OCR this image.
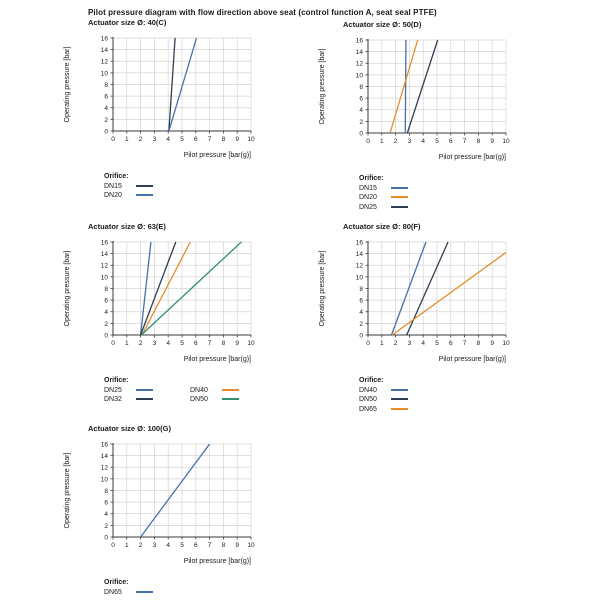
Pilot pressure diagram with flow direction above seat (control function A, seat seal PTFE)
Actuator size Ø: 40(C)
0 1 2 3 4 5 6 7 8 9 10
0
2
4
6
8
10
12
14
16
Pilot pressure [bar(g)]
Operating pressure [bar]
Orifice:
DN15
DN20
Actuator size Ø: 50(D)
0 1 2 3 4 5 6 7 8 9 10
0
2
4
6
8
10
12
14
16
Pilot pressure [bar(g)]
Operating pressure [bar]
Orifice:
DN15
DN20
DN25
Actuator size Ø: 63(E)
0 1 2 3 4 5 6 7 8 9 10
0
2
4
6
8
10
12
14
16
Pilot pressure [bar(g)]
Operating pressure [bar]
Orifice:
DN25
DN32
DN40
DN50
Actuator size Ø: 80(F)
0 1 2 3 4 5 6 7 8 9 10
0
2
4
6
8
10
12
14
16
Pilot pressure [bar(g)]
Operating pressure [bar]
Orifice:
DN40
DN50
DN65
Actuator size Ø: 100(G)
0 1 2 3 4 5 6 7 8 9 10
0
2
4
6
8
10
12
14
16
Pilot pressure [bar(g)]
Operating pressure [bar]
Orifice:
DN65
